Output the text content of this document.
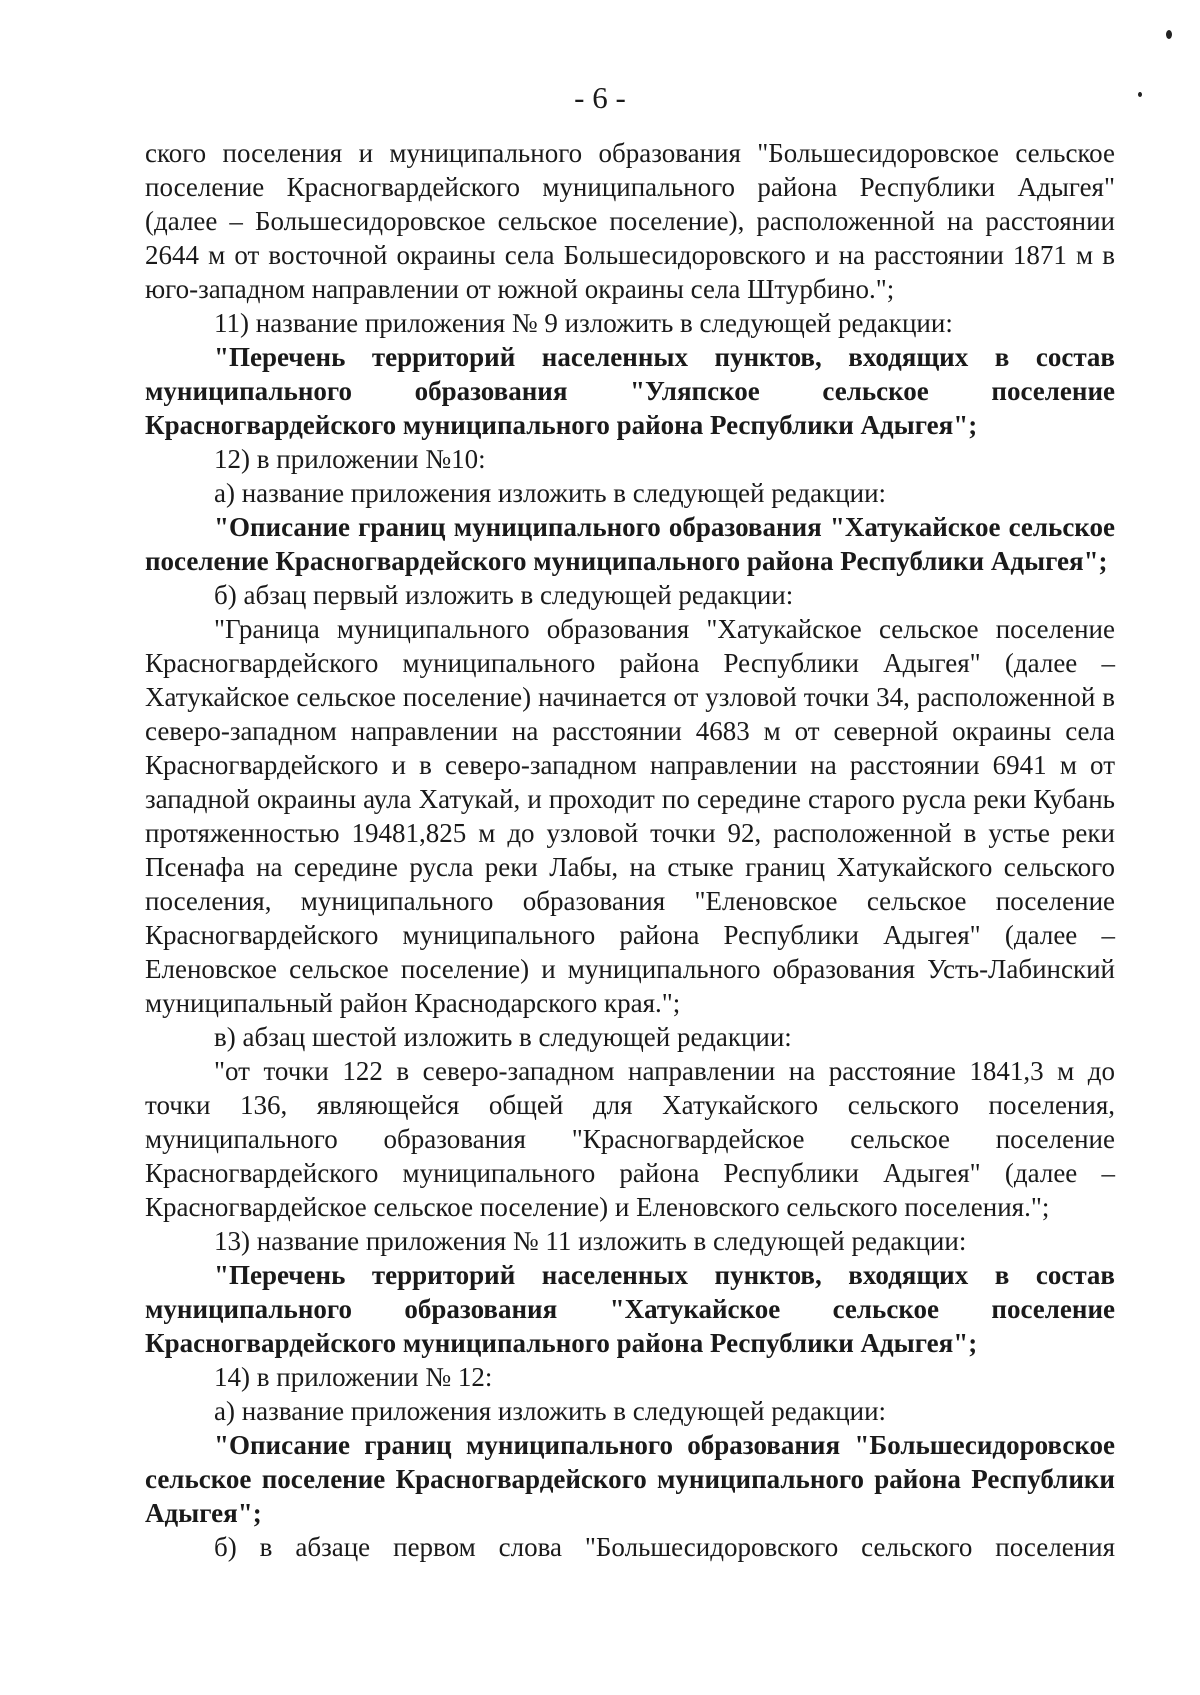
- 6 -

ского поселения и муниципального образования "Большесидоровское сельское поселение Красногвардейского муниципального района Республики Адыгея" (далее – Большесидоровское сельское поселение), расположенной на расстоянии 2644 м от восточной окраины села Большесидоровского и на расстоянии 1871 м в юго-западном направлении от южной окраины села Штурбино.";

11) название приложения № 9 изложить в следующей редакции:

"Перечень территорий населенных пунктов, входящих в состав муниципального образования "Уляпское сельское поселение Красногвардейского муниципального района Республики Адыгея";

12) в приложении №10:

а) название приложения изложить в следующей редакции:

"Описание границ муниципального образования "Хатукайское сельское поселение Красногвардейского муниципального района Республики Адыгея";

б) абзац первый изложить в следующей редакции:

"Граница муниципального образования "Хатукайское сельское поселение Красногвардейского муниципального района Республики Адыгея" (далее – Хатукайское сельское поселение) начинается от узловой точки 34, расположенной в северо-западном направлении на расстоянии 4683 м от северной окраины села Красногвардейского и в северо-западном направлении на расстоянии 6941 м от западной окраины аула Хатукай, и проходит по середине старого русла реки Кубань протяженностью 19481,825 м до узловой точки 92, расположенной в устье реки Псенафа на середине русла реки Лабы, на стыке границ Хатукайского сельского поселения, муниципального образования "Еленовское сельское поселение Красногвардейского муниципального района Республики Адыгея" (далее – Еленовское сельское поселение) и муниципального образования Усть-Лабинский муниципальный район Краснодарского края.";

в) абзац шестой изложить в следующей редакции:

"от точки 122 в северо-западном направлении на расстояние 1841,3 м до точки 136, являющейся общей для Хатукайского сельского поселения, муниципального образования "Красногвардейское сельское поселение Красногвардейского муниципального района Республики Адыгея" (далее – Красногвардейское сельское поселение) и Еленовского сельского поселения.";

13) название приложения № 11 изложить в следующей редакции:

"Перечень территорий населенных пунктов, входящих в состав муниципального образования "Хатукайское сельское поселение Красногвардейского муниципального района Республики Адыгея";

14) в приложении № 12:

а) название приложения изложить в следующей редакции:

"Описание границ муниципального образования "Большесидоровское сельское поселение Красногвардейского муниципального района Республики Адыгея";

б) в абзаце первом слова "Большесидоровского сельского поселения
